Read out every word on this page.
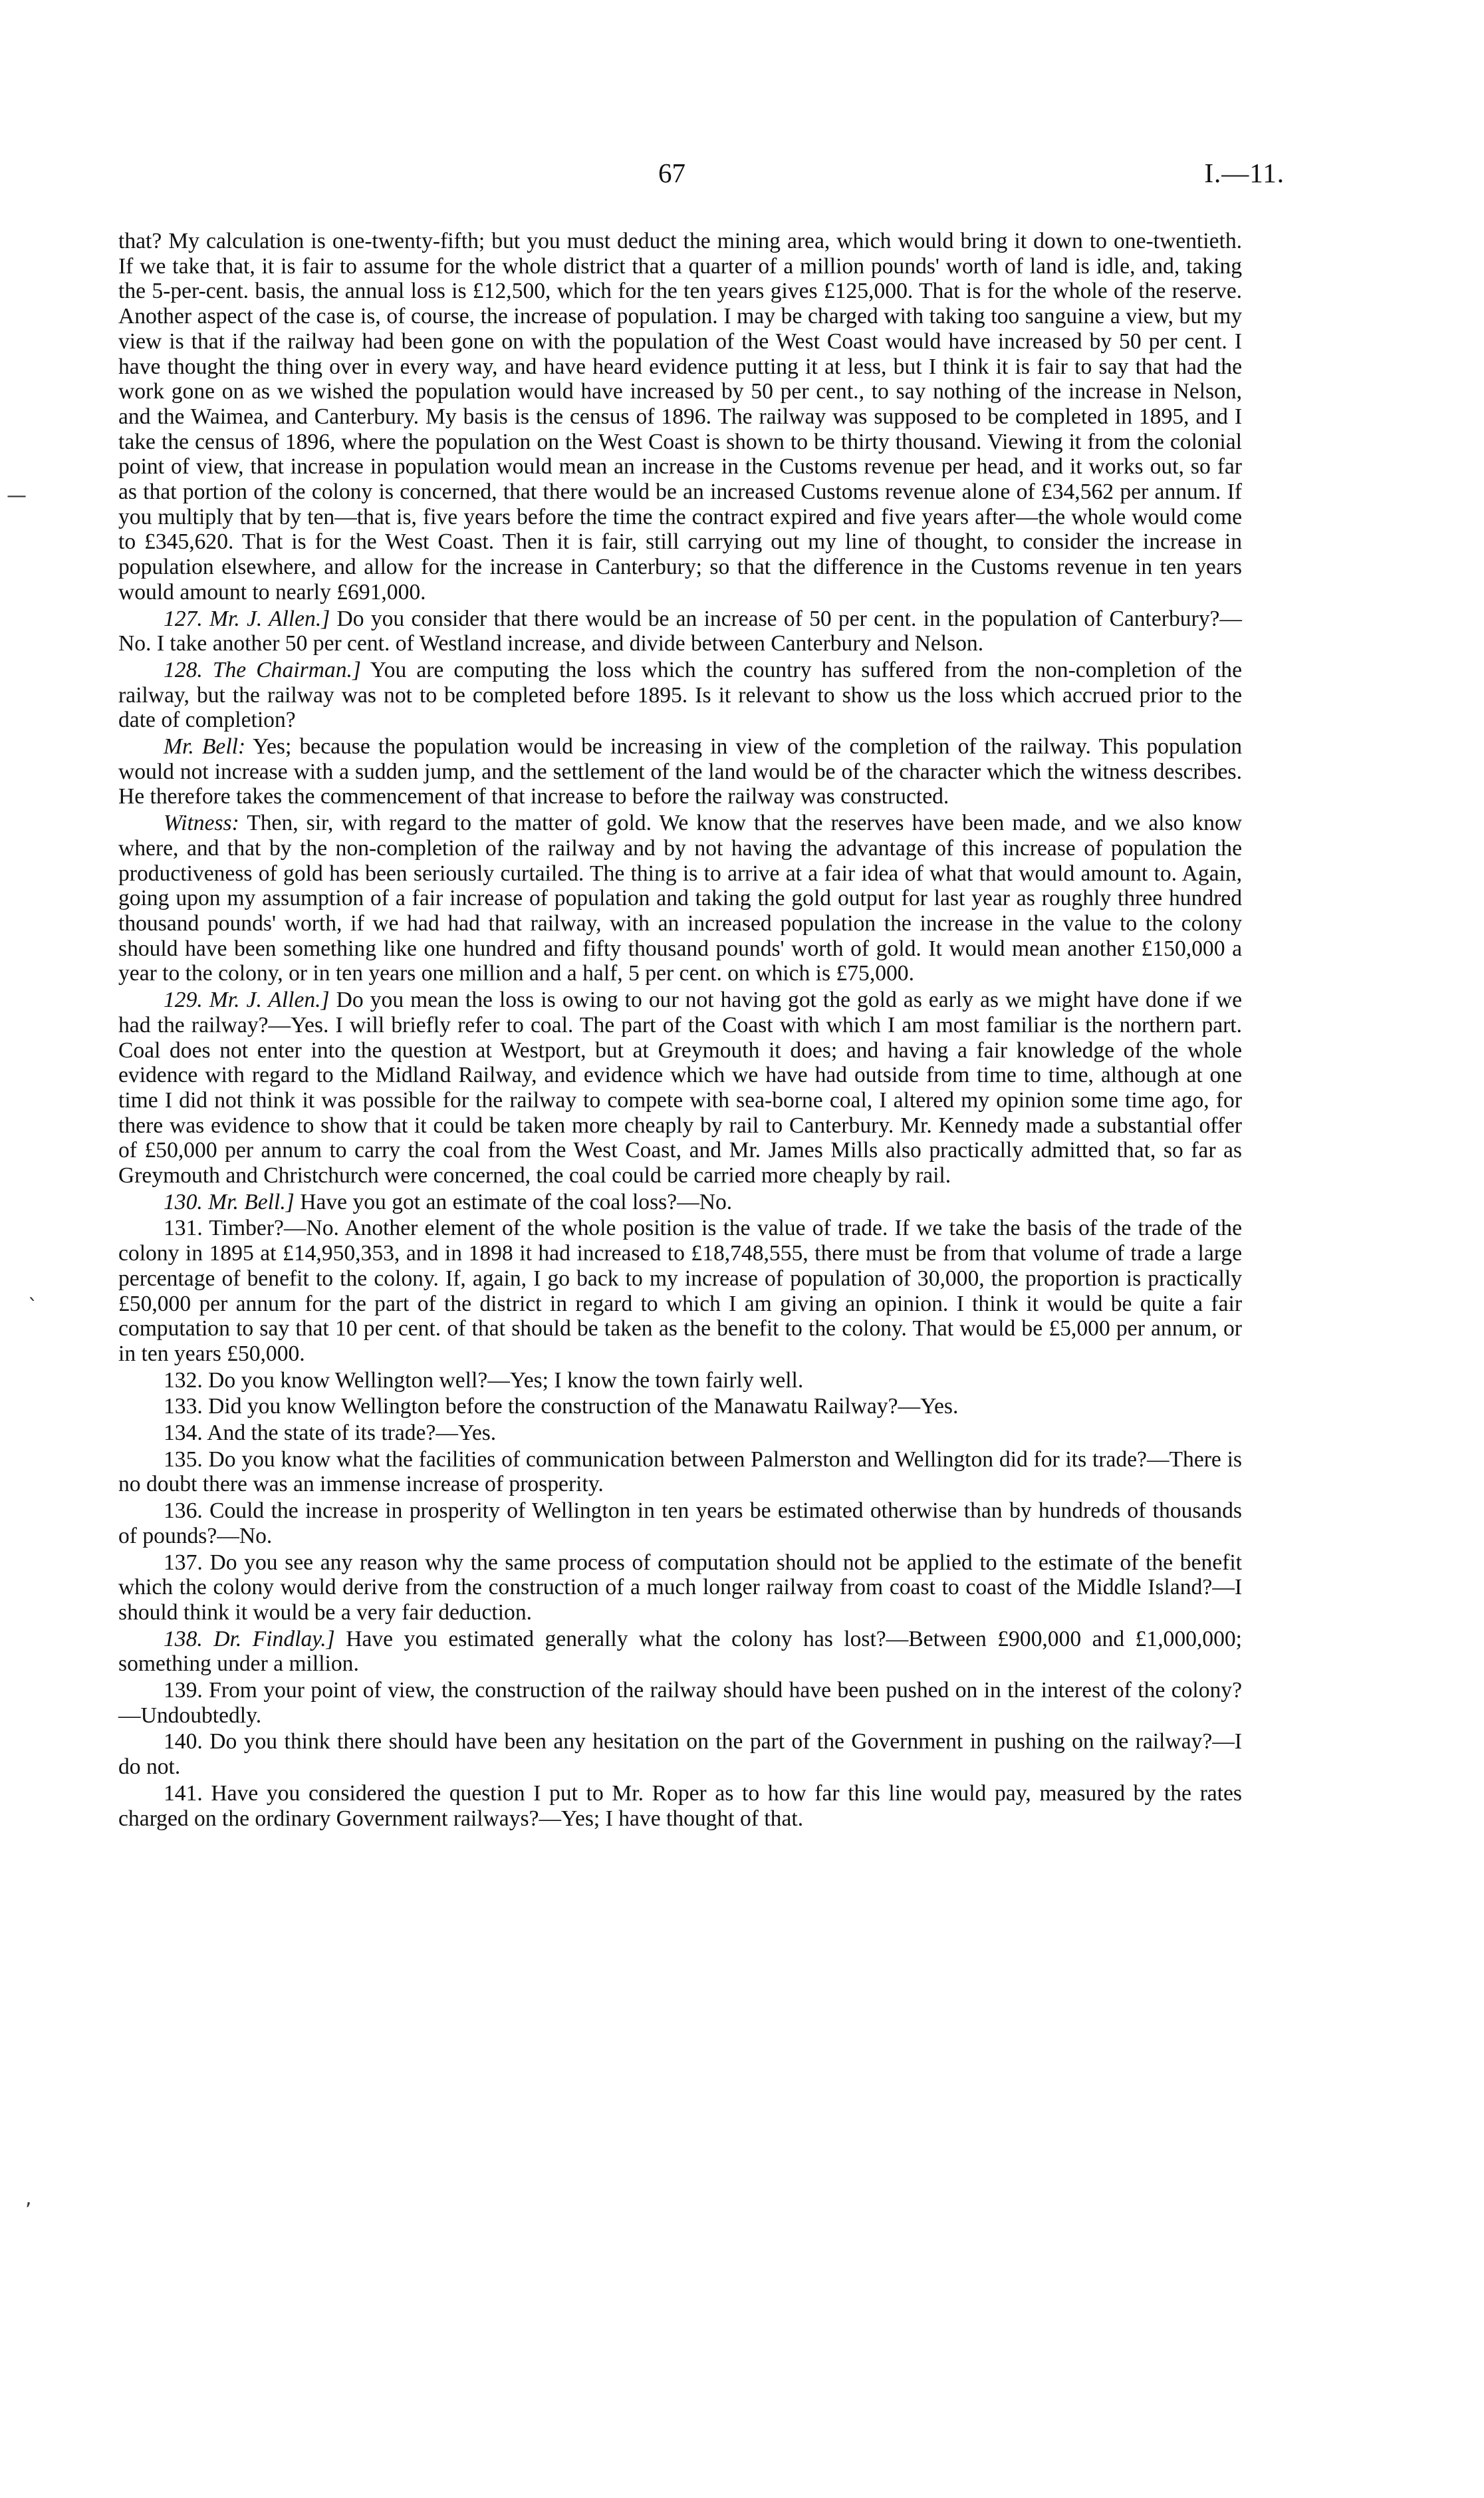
67	I.—11.
—
ˎ
,

that? My calculation is one-twenty-fifth; but you must deduct the mining area, which would bring it down to one-twentieth. If we take that, it is fair to assume for the whole district that a quarter of a million pounds' worth of land is idle, and, taking the 5-per-cent. basis, the annual loss is £12,500, which for the ten years gives £125,000. That is for the whole of the reserve. Another aspect of the case is, of course, the increase of population. I may be charged with taking too sanguine a view, but my view is that if the railway had been gone on with the population of the West Coast would have increased by 50 per cent. I have thought the thing over in every way, and have heard evidence putting it at less, but I think it is fair to say that had the work gone on as we wished the population would have increased by 50 per cent., to say nothing of the increase in Nelson, and the Waimea, and Canterbury. My basis is the census of 1896. The railway was supposed to be completed in 1895, and I take the census of 1896, where the population on the West Coast is shown to be thirty thousand. Viewing it from the colonial point of view, that increase in population would mean an increase in the Customs revenue per head, and it works out, so far as that portion of the colony is concerned, that there would be an increased Customs revenue alone of £34,562 per annum. If you multiply that by ten—that is, five years before the time the contract expired and five years after—the whole would come to £345,620. That is for the West Coast. Then it is fair, still carrying out my line of thought, to consider the increase in population elsewhere, and allow for the increase in Canterbury; so that the difference in the Customs revenue in ten years would amount to nearly £691,000.

127. Mr. J. Allen.] Do you consider that there would be an increase of 50 per cent. in the population of Canterbury?—No. I take another 50 per cent. of Westland increase, and divide between Canterbury and Nelson.

128. The Chairman.] You are computing the loss which the country has suffered from the non-completion of the railway, but the railway was not to be completed before 1895. Is it relevant to show us the loss which accrued prior to the date of completion?

Mr. Bell: Yes; because the population would be increasing in view of the completion of the railway. This population would not increase with a sudden jump, and the settlement of the land would be of the character which the witness describes. He therefore takes the commencement of that increase to before the railway was constructed.

Witness: Then, sir, with regard to the matter of gold. We know that the reserves have been made, and we also know where, and that by the non-completion of the railway and by not having the advantage of this increase of population the productiveness of gold has been seriously curtailed. The thing is to arrive at a fair idea of what that would amount to. Again, going upon my assumption of a fair increase of population and taking the gold output for last year as roughly three hundred thousand pounds' worth, if we had had that railway, with an increased population the increase in the value to the colony should have been something like one hundred and fifty thousand pounds' worth of gold. It would mean another £150,000 a year to the colony, or in ten years one million and a half, 5 per cent. on which is £75,000.

129. Mr. J. Allen.] Do you mean the loss is owing to our not having got the gold as early as we might have done if we had the railway?—Yes. I will briefly refer to coal. The part of the Coast with which I am most familiar is the northern part. Coal does not enter into the question at Westport, but at Greymouth it does; and having a fair knowledge of the whole evidence with regard to the Midland Railway, and evidence which we have had outside from time to time, although at one time I did not think it was possible for the railway to compete with sea-borne coal, I altered my opinion some time ago, for there was evidence to show that it could be taken more cheaply by rail to Canterbury. Mr. Kennedy made a substantial offer of £50,000 per annum to carry the coal from the West Coast, and Mr. James Mills also practically admitted that, so far as Greymouth and Christchurch were concerned, the coal could be carried more cheaply by rail.

130. Mr. Bell.] Have you got an estimate of the coal loss?—No.

131. Timber?—No. Another element of the whole position is the value of trade. If we take the basis of the trade of the colony in 1895 at £14,950,353, and in 1898 it had increased to £18,748,555, there must be from that volume of trade a large percentage of benefit to the colony. If, again, I go back to my increase of population of 30,000, the proportion is practically £50,000 per annum for the part of the district in regard to which I am giving an opinion. I think it would be quite a fair computation to say that 10 per cent. of that should be taken as the benefit to the colony. That would be £5,000 per annum, or in ten years £50,000.

132. Do you know Wellington well?—Yes; I know the town fairly well.

133. Did you know Wellington before the construction of the Manawatu Railway?—Yes.

134. And the state of its trade?—Yes.

135. Do you know what the facilities of communication between Palmerston and Wellington did for its trade?—There is no doubt there was an immense increase of prosperity.

136. Could the increase in prosperity of Wellington in ten years be estimated otherwise than by hundreds of thousands of pounds?—No.

137. Do you see any reason why the same process of computation should not be applied to the estimate of the benefit which the colony would derive from the construction of a much longer railway from coast to coast of the Middle Island?—I should think it would be a very fair deduction.

138. Dr. Findlay.] Have you estimated generally what the colony has lost?—Between £900,000 and £1,000,000; something under a million.

139. From your point of view, the construction of the railway should have been pushed on in the interest of the colony?—Undoubtedly.

140. Do you think there should have been any hesitation on the part of the Government in pushing on the railway?—I do not.

141. Have you considered the question I put to Mr. Roper as to how far this line would pay, measured by the rates charged on the ordinary Government railways?—Yes; I have thought of that.
